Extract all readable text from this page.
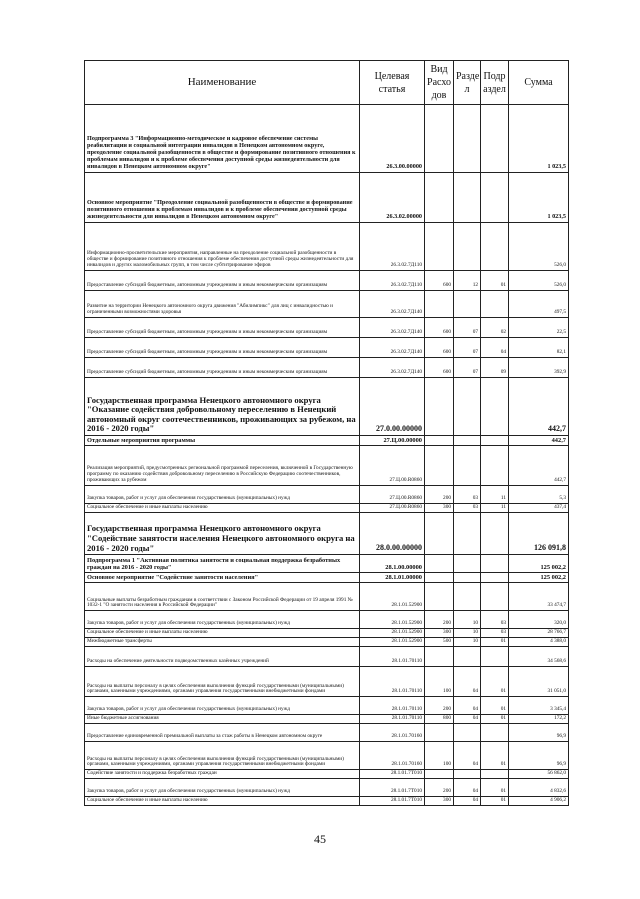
Наименование	Целевая статья	Вид Расхо дов	Разде л	Подр аздел	Сумма
Подпрограмма 3 "Информационно-методическое и кадровое обеспечение системы реабилитации и социальной интеграции инвалидов в Ненецком автономном округе, преодоление социальной разобщенности в обществе и формирование позитивного отношения к проблемам инвалидов и к проблеме обеспечения доступной среды жизнедеятельности для инвалидов в Ненецком автономном округе"	26.3.00.00000				1 023,5
Основное мероприятие "Преодоление социальной разобщенности в обществе и формирование позитивного отношения к проблемам инвалидов и к проблеме обеспечения доступной среды жизнедеятельности для инвалидов в Ненецком автономном округе"	26.3.02.00000				1 023,5
Информационно-просветительские мероприятия, направленные на преодоление социальной разобщенности в обществе и формирование позитивного отношения к проблеме обеспечения доступной среды жизнедеятельности для инвалидов и других маломобильных групп, в том числе субтитрирование эфиров	26.3.02.7Д110				526,0
Предоставление субсидий бюджетным, автономным учреждениям и иным некоммерческим организациям	26.3.02.7Д110	600	12	01	526,0
Развитие на территории Ненецкого автономного округа движения "Абилимпикс" для лиц с инвалидностью и ограниченными возможностями здоровья	26.3.02.7Д140				497,5
Предоставление субсидий бюджетным, автономным учреждениям и иным некоммерческим организациям	26.3.02.7Д140	600	07	02	22,5
Предоставление субсидий бюджетным, автономным учреждениям и иным некоммерческим организациям	26.3.02.7Д140	600	07	04	82,1
Предоставление субсидий бюджетным, автономным учреждениям и иным некоммерческим организациям	26.3.02.7Д140	600	07	09	392,9
Государственная программа Ненецкого автономного округа "Оказание содействия добровольному переселению в Ненецкий автономный округ соотечественников, проживающих за рубежом, на 2016 - 2020 годы"	27.0.00.00000				442,7
Отдельные мероприятия программы	27.Ц.00.00000				442,7
Реализация мероприятий, предусмотренных региональной программой переселения, включенной в Государственную программу по оказанию содействия добровольному переселению в Российскую Федерацию соотечественников, проживающих за рубежом	27.Ц.00.R0860				442,7
Закупка товаров, работ и услуг для обеспечения государственных (муниципальных) нужд	27.Ц.00.R0860	200	03	11	5,3
Социальное обеспечение и иные выплаты населению	27.Ц.00.R0860	300	03	11	437,4
Государственная программа Ненецкого автономного округа "Содействие занятости населения Ненецкого автономного округа на 2016 - 2020 годы"	28.0.00.00000				126 091,8
Подпрограмма 1 "Активная политика занятости и социальная поддержка безработных граждан на 2016 - 2020 годы"	28.1.00.00000				125 002,2
Основное мероприятие "Содействие занятости населения"	28.1.01.00000				125 002,2
Социальные выплаты безработным гражданам в соответствии с Законом Российской Федерации от 19 апреля 1991 № 1032-1 "О занятости населения в Российской Федерации"	28.1.01.52900				33 474,7
Закупка товаров, работ и услуг для обеспечения государственных (муниципальных) нужд	28.1.01.52900	200	10	03	320,0
Социальное обеспечение и иные выплаты населению	28.1.01.52900	300	10	03	28 766,7
Межбюджетные трансферты	28.1.01.52900	500	10	01	4 388,0
Расходы на обеспечение деятельности подведомственных казённых учреждений	28.1.01.70110				34 568,6
Расходы на выплаты персоналу в целях обеспечения выполнения функций государственными (муниципальными) органами, казенными учреждениями, органами управления государственными внебюджетными фондами	28.1.01.70110	100	04	01	31 051,0
Закупка товаров, работ и услуг для обеспечения государственных (муниципальных) нужд	28.1.01.70110	200	04	01	3 345,4
Иные бюджетные ассигнования	28.1.01.70110	800	04	01	172,2
Предоставление единовременной премиальной выплаты за стаж работы в Ненецком автономном округе	28.1.01.70160				96,9
Расходы на выплаты персоналу в целях обеспечения выполнения функций государственными (муниципальными) органами, казенными учреждениями, органами управления государственными внебюджетными фондами	28.1.01.70160	100	04	01	96,9
Содействие занятости и поддержка безработных граждан	28.1.01.7Т010				56 862,0
Закупка товаров, работ и услуг для обеспечения государственных (муниципальных) нужд	28.1.01.7Т010	200	04	01	4 832,6
Социальное обеспечение и иные выплаты населению	28.1.01.7Т010	300	04	01	4 906,2
45
